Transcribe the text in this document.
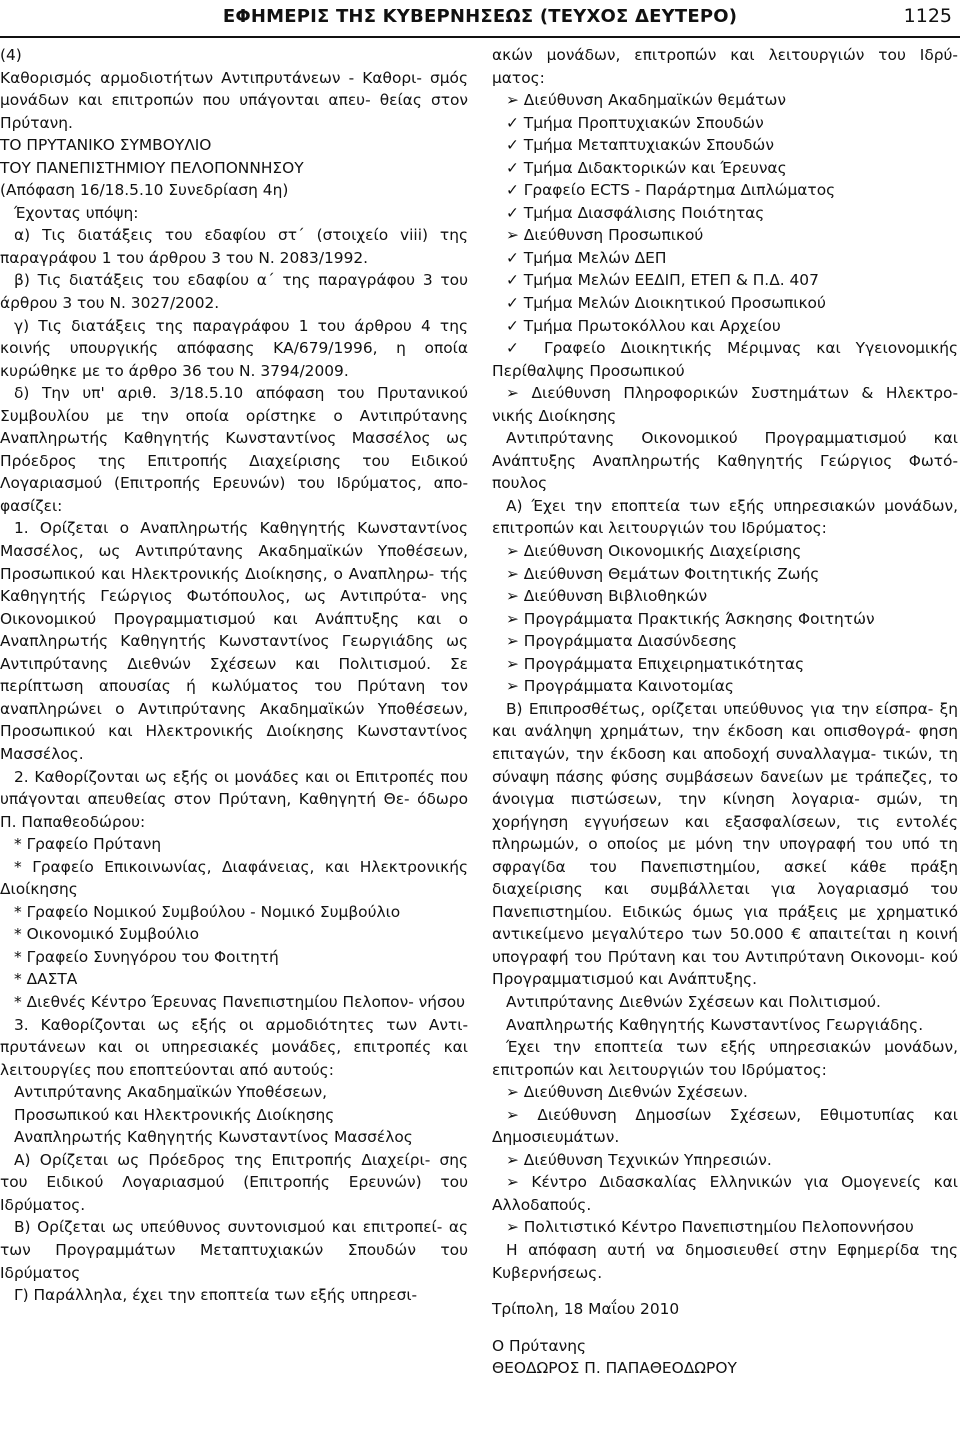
ΕΦΗΜΕΡΙΣ ΤΗΣ ΚΥΒΕΡΝΗΣΕΩΣ (ΤΕΥΧΟΣ ΔΕΥΤΕΡΟ)	1125
(4)
Καθορισμός αρμοδιοτήτων Αντιπρυτάνεων - Καθορι- σμός μονάδων και επιτροπών που υπάγονται απευ- θείας στον Πρύτανη.
ΤΟ ΠΡΥΤΑΝΙΚΟ ΣΥΜΒΟΥΛΙΟ
ΤΟΥ ΠΑΝΕΠΙΣΤΗΜΙΟΥ ΠΕΛΟΠΟΝΝΗΣΟΥ
(Απόφαση 16/18.5.10 Συνεδρίαση 4η)
Έχοντας υπόψη:
α) Τις διατάξεις του εδαφίου στ΄ (στοιχείο viii) της παραγράφου 1 του άρθρου 3 του Ν. 2083/1992.
β) Τις διατάξεις του εδαφίου α΄ της παραγράφου 3 του άρθρου 3 του Ν. 3027/2002.
γ) Τις διατάξεις της παραγράφου 1 του άρθρου 4 της κοινής υπουργικής απόφασης ΚΑ/679/1996, η οποία κυρώθηκε με το άρθρο 36 του Ν. 3794/2009.
δ) Την υπ' αριθ. 3/18.5.10 απόφαση του Πρυτανικού Συμβουλίου με την οποία ορίστηκε ο Αντιπρύτανης Αναπληρωτής Καθηγητής Κωνσταντίνος Μασσέλος ως Πρόεδρος της Επιτροπής Διαχείρισης του Ειδικού Λογαριασμού (Επιτροπής Ερευνών) του Ιδρύματος, απο- φασίζει:
1. Ορίζεται ο Αναπληρωτής Καθηγητής Κωνσταντίνος Μασσέλος, ως Αντιπρύτανης Ακαδημαϊκών Υποθέσεων, Προσωπικού και Ηλεκτρονικής Διοίκησης, ο Αναπληρω- τής Καθηγητής Γεώργιος Φωτόπουλος, ως Αντιπρύτα- νης Οικονομικού Προγραμματισμού και Ανάπτυξης και ο Αναπληρωτής Καθηγητής Κωνσταντίνος Γεωργιάδης ως Αντιπρύτανης Διεθνών Σχέσεων και Πολιτισμού. Σε περίπτωση απουσίας ή κωλύματος του Πρύτανη τον αναπληρώνει ο Αντιπρύτανης Ακαδημαϊκών Υποθέσεων, Προσωπικού και Ηλεκτρονικής Διοίκησης Κωνσταντίνος Μασσέλος.
2. Καθορίζονται ως εξής οι μονάδες και οι Επιτροπές που υπάγονται απευθείας στον Πρύτανη, Καθηγητή Θε- όδωρο Π. Παπαθεοδώρου:
* Γραφείο Πρύτανη
* Γραφείο Επικοινωνίας, Διαφάνειας, και Ηλεκτρονικής Διοίκησης
* Γραφείο Νομικού Συμβούλου - Νομικό Συμβούλιο
* Οικονομικό Συμβούλιο
* Γραφείο Συνηγόρου του Φοιτητή
* ΔΑΣΤΑ
* Διεθνές Κέντρο Έρευνας Πανεπιστημίου Πελοπον- νήσου
3. Καθορίζονται ως εξής οι αρμοδιότητες των Αντι- πρυτάνεων και οι υπηρεσιακές μονάδες, επιτροπές και λειτουργίες που εποπτεύονται από αυτούς:
Αντιπρύτανης Ακαδημαϊκών Υποθέσεων,
Προσωπικού και Ηλεκτρονικής Διοίκησης
Αναπληρωτής Καθηγητής Κωνσταντίνος Μασσέλος
Α) Ορίζεται ως Πρόεδρος της Επιτροπής Διαχείρι- σης του Ειδικού Λογαριασμού (Επιτροπής Ερευνών) του Ιδρύματος.
Β) Ορίζεται ως υπεύθυνος συντονισμού και επιτροπεί- ας των Προγραμμάτων Μεταπτυχιακών Σπουδών του Ιδρύματος
Γ) Παράλληλα, έχει την εποπτεία των εξής υπηρεσι-
ακών μονάδων, επιτροπών και λειτουργιών του Ιδρύ- ματος:
➢ Διεύθυνση Ακαδημαϊκών θεμάτων
✓ Τμήμα Προπτυχιακών Σπουδών
✓ Τμήμα Μεταπτυχιακών Σπουδών
✓ Τμήμα Διδακτορικών και Έρευνας
✓ Γραφείο ECTS - Παράρτημα Διπλώματος
✓ Τμήμα Διασφάλισης Ποιότητας
➢ Διεύθυνση Προσωπικού
✓ Τμήμα Μελών ΔΕΠ
✓ Τμήμα Μελών ΕΕΔΙΠ, ΕΤΕΠ & Π.Δ. 407
✓ Τμήμα Μελών Διοικητικού Προσωπικού
✓ Τμήμα Πρωτοκόλλου και Αρχείου
✓ Γραφείο Διοικητικής Μέριμνας και Υγειονομικής Περίθαλψης Προσωπικού
➢ Διεύθυνση Πληροφορικών Συστημάτων & Ηλεκτρο- νικής Διοίκησης
Αντιπρύτανης Οικονομικού Προγραμματισμού και Ανάπτυξης Αναπληρωτής Καθηγητής Γεώργιος Φωτό- πουλος
Α) Έχει την εποπτεία των εξής υπηρεσιακών μονάδων, επιτροπών και λειτουργιών του Ιδρύματος:
➢ Διεύθυνση Οικονομικής Διαχείρισης
➢ Διεύθυνση Θεμάτων Φοιτητικής Ζωής
➢ Διεύθυνση Βιβλιοθηκών
➢ Προγράμματα Πρακτικής Άσκησης Φοιτητών
➢ Προγράμματα Διασύνδεσης
➢ Προγράμματα Επιχειρηματικότητας
➢ Προγράμματα Καινοτομίας
Β) Επιπροσθέτως, ορίζεται υπεύθυνος για την είσπρα- ξη και ανάληψη χρημάτων, την έκδοση και οπισθογρά- φηση επιταγών, την έκδοση και αποδοχή συναλλαγμα- τικών, τη σύναψη πάσης φύσης συμβάσεων δανείων με τράπεζες, το άνοιγμα πιστώσεων, την κίνηση λογαρια- σμών, τη χορήγηση εγγυήσεων και εξασφαλίσεων, τις εντολές πληρωμών, ο οποίος με μόνη την υπογραφή του υπό τη σφραγίδα του Πανεπιστημίου, ασκεί κάθε πράξη διαχείρισης και συμβάλλεται για λογαριασμό του Πανεπιστημίου. Ειδικώς όμως για πράξεις με χρηματικό αντικείμενο μεγαλύτερο των 50.000 € απαιτείται η κοινή υπογραφή του Πρύτανη και του Αντιπρύτανη Οικονομι- κού Προγραμματισμού και Ανάπτυξης.
Αντιπρύτανης Διεθνών Σχέσεων και Πολιτισμού.
Αναπληρωτής Καθηγητής Κωνσταντίνος Γεωργιάδης.
Έχει την εποπτεία των εξής υπηρεσιακών μονάδων, επιτροπών και λειτουργιών του Ιδρύματος:
➢ Διεύθυνση Διεθνών Σχέσεων.
➢ Διεύθυνση Δημοσίων Σχέσεων, Εθιμοτυπίας και Δημοσιευμάτων.
➢ Διεύθυνση Τεχνικών Υπηρεσιών.
➢ Κέντρο Διδασκαλίας Ελληνικών για Ομογενείς και Αλλοδαπούς.
➢ Πολιτιστικό Κέντρο Πανεπιστημίου Πελοποννήσου
Η απόφαση αυτή να δημοσιευθεί στην Εφημερίδα της Κυβερνήσεως.
Τρίπολη, 18 Μαΐου 2010
Ο Πρύτανης
ΘΕΟΔΩΡΟΣ Π. ΠΑΠΑΘΕΟΔΩΡΟΥ
